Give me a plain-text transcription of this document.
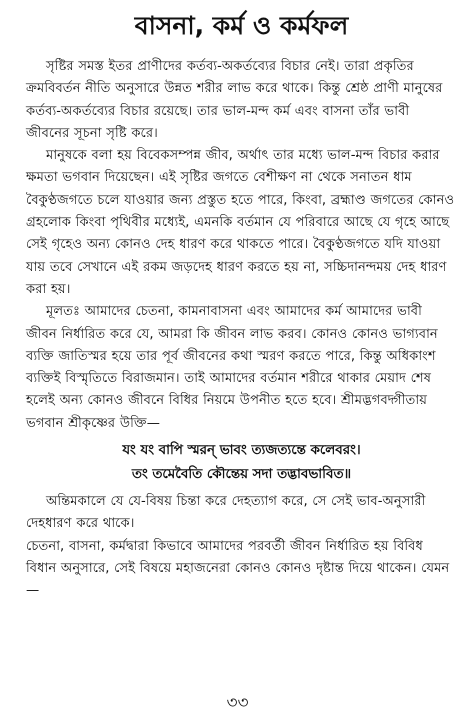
বাসনা, কর্ম ও কর্মফল

সৃষ্টির সমস্ত ইতর প্রাণীদের কর্তব্য-অকর্তব্যের বিচার নেই। তারা প্রকৃতির ক্রমবিবর্তন নীতি অনুসারে উন্নত শরীর লাভ করে থাকে। কিন্তু শ্রেষ্ঠ প্রাণী মানুষের কর্তব্য-অকর্তব্যের বিচার রয়েছে। তার ভাল-মন্দ কর্ম এবং বাসনা তাঁর ভাবী জীবনের সূচনা সৃষ্টি করে।

মানুষকে বলা হয় বিবেকসম্পন্ন জীব, অর্থাৎ তার মধ্যে ভাল-মন্দ বিচার করার ক্ষমতা ভগবান দিয়েছেন। এই সৃষ্টির জগতে বেশীক্ষণ না থেকে সনাতন ধাম বৈকুণ্ঠজগতে চলে যাওয়ার জন্য প্রস্তুত হতে পারে, কিংবা, ব্রহ্মাণ্ড জগতের কোনও গ্রহলোক কিংবা পৃথিবীর মধ্যেই, এমনকি বর্তমান যে পরিবারে আছে যে গৃহে আছে সেই গৃহেও অন্য কোনও দেহ ধারণ করে থাকতে পারে। বৈকুণ্ঠজগতে যদি যাওয়া যায় তবে সেখানে এই রকম জড়দেহ ধারণ করতে হয় না, সচ্চিদানন্দময় দেহ ধারণ করা হয়।

মূলতঃ আমাদের চেতনা, কামনাবাসনা এবং আমাদের কর্ম আমাদের ভাবী জীবন নির্ধারিত করে যে, আমরা কি জীবন লাভ করব। কোনও কোনও ভাগ্যবান ব্যক্তি জাতিস্মর হয়ে তার পূর্ব জীবনের কথা স্মরণ করতে পারে, কিন্তু অধিকাংশ ব্যক্তিই বিস্মৃতিতে বিরাজমান। তাই আমাদের বর্তমান শরীরে থাকার মেয়াদ শেষ হলেই অন্য কোনও জীবনে বিধির নিয়মে উপনীত হতে হবে। শ্রীমদ্ভগবদ্গীতায় ভগবান শ্রীকৃষ্ণের উক্তি—

যং যং বাপি স্মরন্ ভাবং ত্যজত্যন্তে কলেবরং।
তং তমেবৈতি কৌন্তেয় সদা তদ্ভাবভাবিত॥

অন্তিমকালে যে যে-বিষয় চিন্তা করে দেহত্যাগ করে, সে সেই ভাব-অনুসারী দেহধারণ করে থাকে।

চেতনা, বাসনা, কর্মদ্বারা কিভাবে আমাদের পরবর্তী জীবন নির্ধারিত হয় বিবিধ বিধান অনুসারে, সেই বিষয়ে মহাজনেরা কোনও কোনও দৃষ্টান্ত দিয়ে থাকেন। যেমন—

৩৩
